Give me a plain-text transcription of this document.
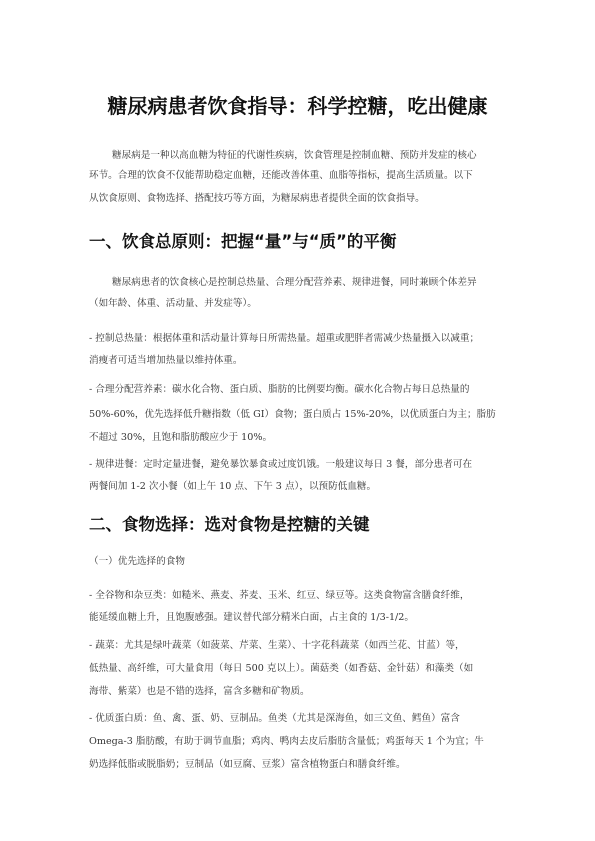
糖尿病患者饮食指导：科学控糖，吃出健康
糖尿病是一种以高血糖为特征的代谢性疾病，饮食管理是控制血糖、预防并发症的核心
环节。合理的饮食不仅能帮助稳定血糖，还能改善体重、血脂等指标，提高生活质量。以下
从饮食原则、食物选择、搭配技巧等方面，为糖尿病患者提供全面的饮食指导。
一、饮食总原则：把握“量”与“质”的平衡
糖尿病患者的饮食核心是控制总热量、合理分配营养素、规律进餐，同时兼顾个体差异
（如年龄、体重、活动量、并发症等）。
- 控制总热量：根据体重和活动量计算每日所需热量。超重或肥胖者需减少热量摄入以减重；
消瘦者可适当增加热量以维持体重。
- 合理分配营养素：碳水化合物、蛋白质、脂肪的比例要均衡。碳水化合物占每日总热量的
50%-60%，优先选择低升糖指数（低 GI）食物；蛋白质占 15%-20%，以优质蛋白为主；脂肪
不超过 30%，且饱和脂肪酸应少于 10%。
- 规律进餐：定时定量进餐，避免暴饮暴食或过度饥饿。一般建议每日 3 餐，部分患者可在
两餐间加 1-2 次小餐（如上午 10 点、下午 3 点），以预防低血糖。
二、食物选择：选对食物是控糖的关键
（一）优先选择的食物
- 全谷物和杂豆类：如糙米、燕麦、荞麦、玉米、红豆、绿豆等。这类食物富含膳食纤维，
能延缓血糖上升，且饱腹感强。建议替代部分精米白面，占主食的 1/3-1/2。
- 蔬菜：尤其是绿叶蔬菜（如菠菜、芹菜、生菜）、十字花科蔬菜（如西兰花、甘蓝）等，
低热量、高纤维，可大量食用（每日 500 克以上）。菌菇类（如香菇、金针菇）和藻类（如
海带、紫菜）也是不错的选择，富含多糖和矿物质。
- 优质蛋白质：鱼、禽、蛋、奶、豆制品。鱼类（尤其是深海鱼，如三文鱼、鳕鱼）富含
Omega-3 脂肪酸，有助于调节血脂；鸡肉、鸭肉去皮后脂肪含量低；鸡蛋每天 1 个为宜；牛
奶选择低脂或脱脂奶；豆制品（如豆腐、豆浆）富含植物蛋白和膳食纤维。
